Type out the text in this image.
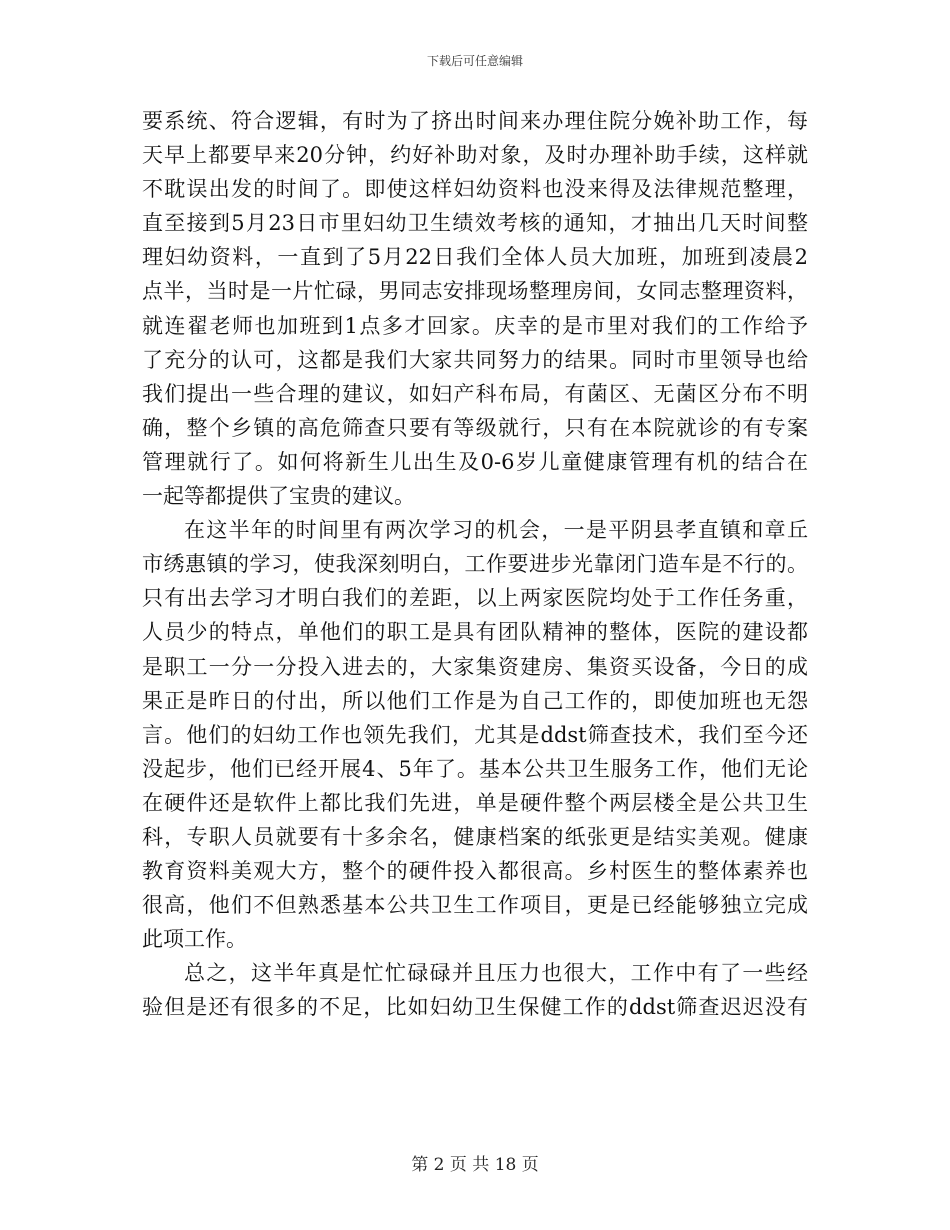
下载后可任意编辑
要系统、符合逻辑，有时为了挤出时间来办理住院分娩补助工作，每
天早上都要早来20分钟，约好补助对象，及时办理补助手续，这样就
不耽误出发的时间了。即使这样妇幼资料也没来得及法律规范整理，
直至接到5月23日市里妇幼卫生绩效考核的通知，才抽出几天时间整
理妇幼资料，一直到了5月22日我们全体人员大加班，加班到凌晨2
点半，当时是一片忙碌，男同志安排现场整理房间，女同志整理资料，
就连翟老师也加班到1点多才回家。庆幸的是市里对我们的工作给予
了充分的认可，这都是我们大家共同努力的结果。同时市里领导也给
我们提出一些合理的建议，如妇产科布局，有菌区、无菌区分布不明
确，整个乡镇的高危筛查只要有等级就行，只有在本院就诊的有专案
管理就行了。如何将新生儿出生及0-6岁儿童健康管理有机的结合在
一起等都提供了宝贵的建议。
在这半年的时间里有两次学习的机会，一是平阴县孝直镇和章丘
市绣惠镇的学习，使我深刻明白，工作要进步光靠闭门造车是不行的。
只有出去学习才明白我们的差距，以上两家医院均处于工作任务重，
人员少的特点，单他们的职工是具有团队精神的整体，医院的建设都
是职工一分一分投入进去的，大家集资建房、集资买设备，今日的成
果正是昨日的付出，所以他们工作是为自己工作的，即使加班也无怨
言。他们的妇幼工作也领先我们，尤其是ddst筛查技术，我们至今还
没起步，他们已经开展4、5年了。基本公共卫生服务工作，他们无论
在硬件还是软件上都比我们先进，单是硬件整个两层楼全是公共卫生
科，专职人员就要有十多余名，健康档案的纸张更是结实美观。健康
教育资料美观大方，整个的硬件投入都很高。乡村医生的整体素养也
很高，他们不但熟悉基本公共卫生工作项目，更是已经能够独立完成
此项工作。
总之，这半年真是忙忙碌碌并且压力也很大，工作中有了一些经
验但是还有很多的不足，比如妇幼卫生保健工作的ddst筛查迟迟没有
第 2 页 共 18 页
